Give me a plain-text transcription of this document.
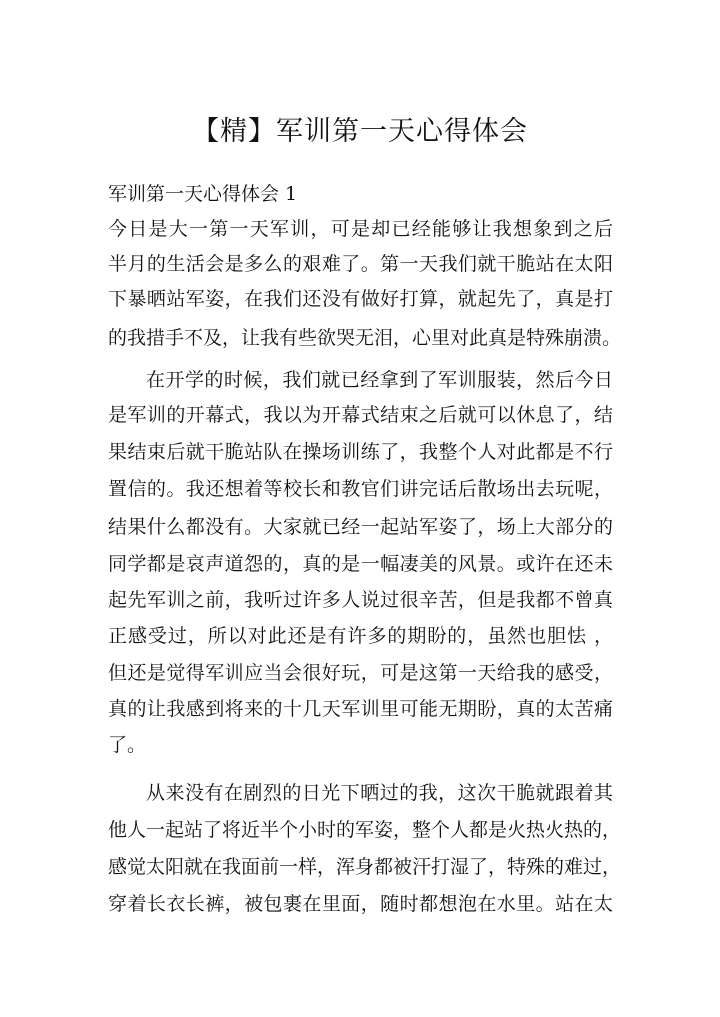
【精】军训第一天心得体会
军训第一天心得体会 1
今日是大一第一天军训，可是却已经能够让我想象到之后
半月的生活会是多么的艰难了。第一天我们就干脆站在太阳
下暴晒站军姿，在我们还没有做好打算，就起先了，真是打
的我措手不及，让我有些欲哭无泪，心里对此真是特殊崩溃。
在开学的时候，我们就已经拿到了军训服装，然后今日
是军训的开幕式，我以为开幕式结束之后就可以休息了，结
果结束后就干脆站队在操场训练了，我整个人对此都是不行
置信的。我还想着等校长和教官们讲完话后散场出去玩呢，
结果什么都没有。大家就已经一起站军姿了，场上大部分的
同学都是哀声道怨的，真的是一幅凄美的风景。或许在还未
起先军训之前，我听过许多人说过很辛苦，但是我都不曾真
正感受过，所以对此还是有许多的期盼的，虽然也胆怯 ，
但还是觉得军训应当会很好玩，可是这第一天给我的感受，
真的让我感到将来的十几天军训里可能无期盼，真的太苦痛
了。
从来没有在剧烈的日光下晒过的我，这次干脆就跟着其
他人一起站了将近半个小时的军姿，整个人都是火热火热的，
感觉太阳就在我面前一样，浑身都被汗打湿了，特殊的难过，
穿着长衣长裤，被包裹在里面，随时都想泡在水里。站在太
